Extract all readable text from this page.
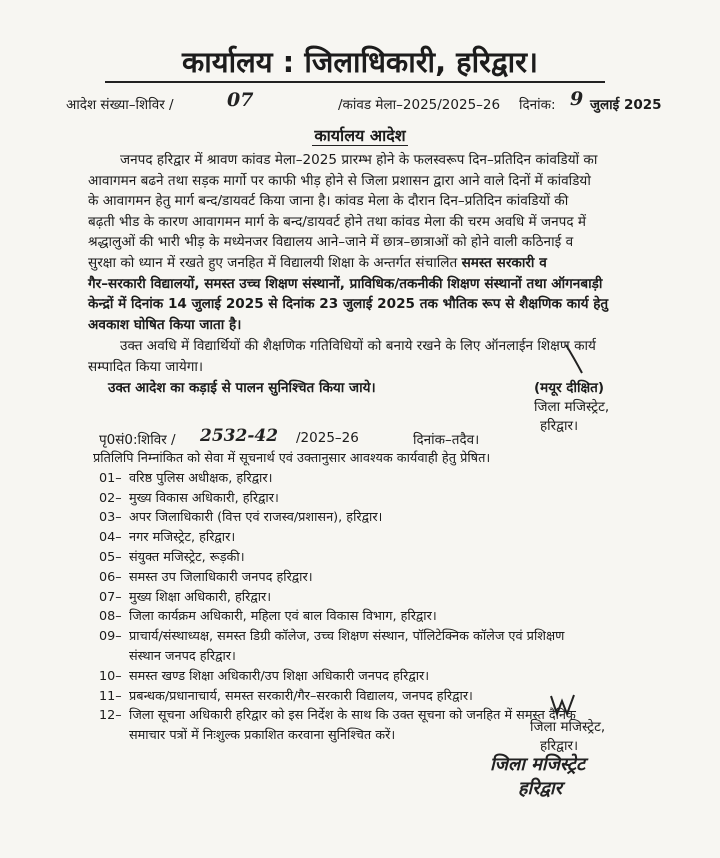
कार्यालय : जिलाधिकारी, हरिद्वार।
आदेश संख्या–शिविर /	07	/कांवड मेला–2025/2025–26 दिनांक: 9 जुलाई 2025
कार्यालय आदेश
जनपद हरिद्वार में श्रावण कांवड मेला–2025 प्रारम्भ होने के फलस्वरूप दिन–प्रतिदिन कांवडियों का
आवागमन बढने तथा सड़क मार्गो पर काफी भीड़ होने से जिला प्रशासन द्वारा आने वाले दिनों में कांवडियो
के आवागमन हेतु मार्ग बन्द/डायवर्ट किया जाना है। कांवड मेला के दौरान दिन–प्रतिदिन कांवडियों की
बढ़ती भीड के कारण आवागमन मार्ग के बन्द/डायवर्ट होने तथा कांवड मेला की चरम अवधि में जनपद में
श्रद्धालुओं की भारी भीड़ के मध्येनजर विद्यालय आने–जाने में छात्र–छात्राओं को होने वाली कठिनाई व
सुरक्षा को ध्यान में रखते हुए जनहित में विद्यालयी शिक्षा के अन्तर्गत संचालित समस्त सरकारी व
गैर–सरकारी विद्यालयों, समस्त उच्च शिक्षण संस्थानों, प्राविधिक/तकनीकी शिक्षण संस्थानों तथा ऑगनबाड़ी
केन्द्रों में दिनांक 14 जुलाई 2025 से दिनांक 23 जुलाई 2025 तक भौतिक रूप से शैक्षणिक कार्य हेतु
अवकाश घोषित किया जाता है।
उक्त अवधि में विद्यार्थियों की शैक्षणिक गतिविधियों को बनाये रखने के लिए ऑनलाईन शिक्षण कार्य
सम्पादित किया जायेगा।
उक्त आदेश का कड़ाई से पालन सुनिश्चित किया जाये।	(मयूर दीक्षित)
जिला मजिस्ट्रेट,
हरिद्वार।
पृ0सं0:शिविर / 2532-42 /2025–26	दिनांक–तदैव।
प्रतिलिपि निम्नांकित को सेवा में सूचनार्थ एवं उक्तानुसार आवश्यक कार्यवाही हेतु प्रेषित।
01– वरिष्ठ पुलिस अधीक्षक, हरिद्वार।
02– मुख्य विकास अधिकारी, हरिद्वार।
03– अपर जिलाधिकारी (वित्त एवं राजस्व/प्रशासन), हरिद्वार।
04– नगर मजिस्ट्रेट, हरिद्वार।
05– संयुक्त मजिस्ट्रेट, रूड़की।
06– समस्त उप जिलाधिकारी जनपद हरिद्वार।
07– मुख्य शिक्षा अधिकारी, हरिद्वार।
08– जिला कार्यक्रम अधिकारी, महिला एवं बाल विकास विभाग, हरिद्वार।
09– प्राचार्य/संस्थाध्यक्ष, समस्त डिग्री कॉलेज, उच्च शिक्षण संस्थान, पॉलिटेक्निक कॉलेज एवं प्रशिक्षण
संस्थान जनपद हरिद्वार।
10– समस्त खण्ड शिक्षा अधिकारी/उप शिक्षा अधिकारी जनपद हरिद्वार।
11– प्रबन्धक/प्रधानाचार्य, समस्त सरकारी/गैर–सरकारी विद्यालय, जनपद हरिद्वार।
12– जिला सूचना अधिकारी हरिद्वार को इस निर्देश के साथ कि उक्त सूचना को जनहित में समस्त दैनिक
समाचार पत्रों में निःशुल्क प्रकाशित करवाना सुनिश्चित करें।
जिला मजिस्ट्रेट,
हरिद्वार।
जिला मजिस्ट्रेट
हरिद्वार
